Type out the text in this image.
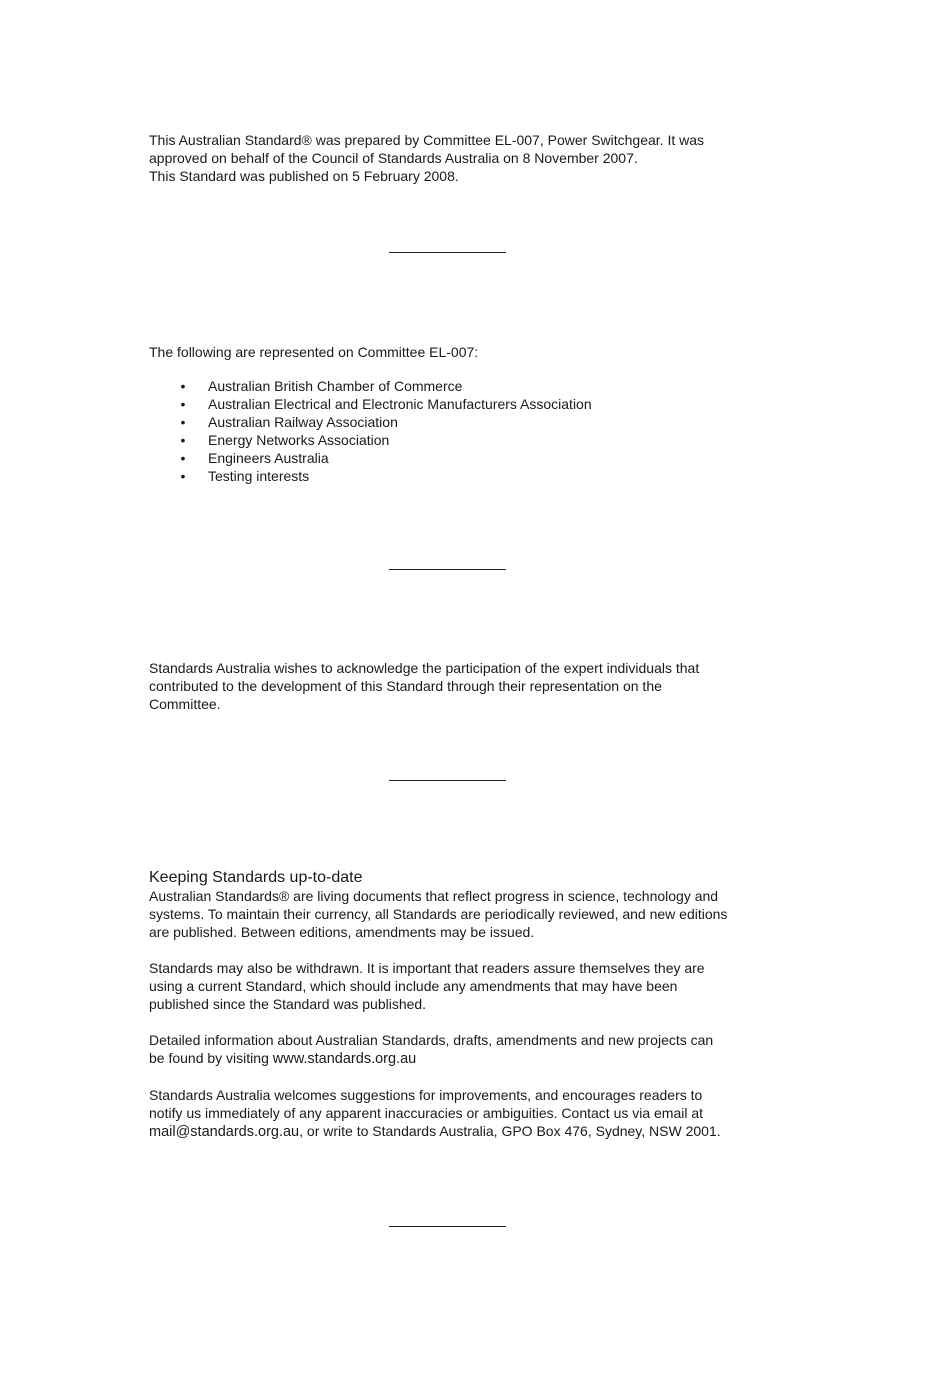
This Australian Standard® was prepared by Committee EL-007, Power Switchgear. It was

approved on behalf of the Council of Standards Australia on 8 November 2007.

This Standard was published on 5 February 2008.

The following are represented on Committee EL-007:

• Australian British Chamber of Commerce
• Australian Electrical and Electronic Manufacturers Association
• Australian Railway Association
• Energy Networks Association
• Engineers Australia
• Testing interests

Standards Australia wishes to acknowledge the participation of the expert individuals that

contributed to the development of this Standard through their representation on the

Committee.

Keeping Standards up-to-date

Australian Standards® are living documents that reflect progress in science, technology and

systems. To maintain their currency, all Standards are periodically reviewed, and new editions

are published. Between editions, amendments may be issued.

Standards may also be withdrawn. It is important that readers assure themselves they are

using a current Standard, which should include any amendments that may have been

published since the Standard was published.

Detailed information about Australian Standards, drafts, amendments and new projects can

be found by visiting www.standards.org.au

Standards Australia welcomes suggestions for improvements, and encourages readers to

notify us immediately of any apparent inaccuracies or ambiguities. Contact us via email at

mail@standards.org.au, or write to Standards Australia, GPO Box 476, Sydney, NSW 2001.
